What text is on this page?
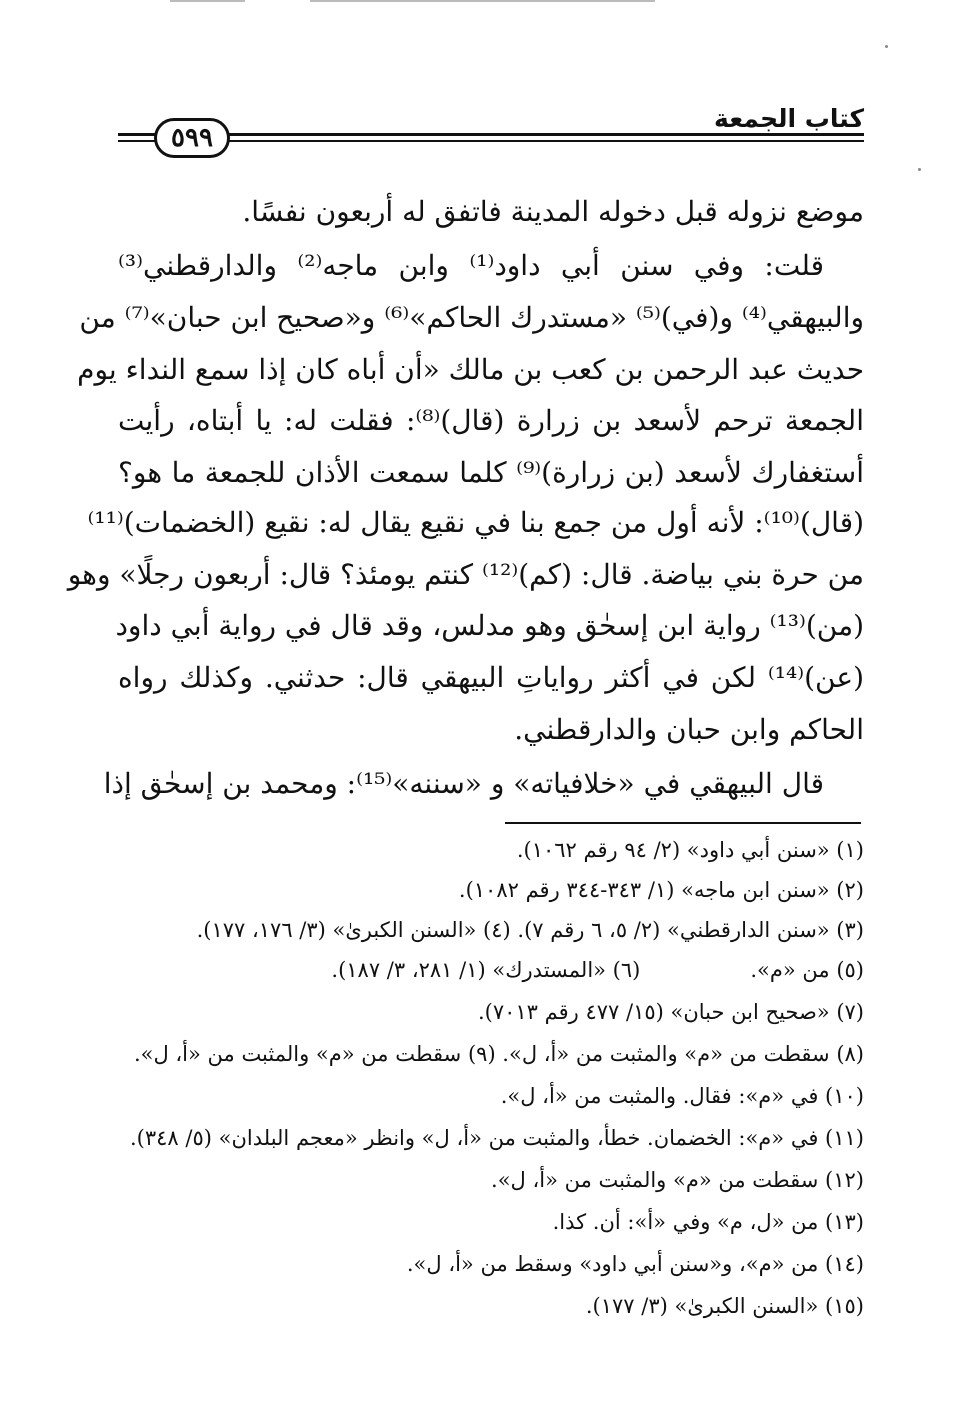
كتاب الجمعة
٥٩٩
موضع نزوله قبل دخوله المدينة فاتفق له أربعون نفسًا.
قلت: وفي سنن أبي داود⁽¹⁾ وابن ماجه⁽²⁾ والدارقطني⁽³⁾
والبيهقي⁽⁴⁾ و(في)⁽⁵⁾ «مستدرك الحاكم»⁽⁶⁾ و«صحيح ابن حبان»⁽⁷⁾ من
حديث عبد الرحمن بن كعب بن مالك «أن أباه كان إذا سمع النداء يوم
الجمعة ترحم لأسعد بن زرارة (قال)⁽⁸⁾: فقلت له: يا أبتاه، رأيت
أستغفارك لأسعد (بن زرارة)⁽⁹⁾ كلما سمعت الأذان للجمعة ما هو؟
(قال)⁽¹⁰⁾: لأنه أول من جمع بنا في نقيع يقال له: نقيع (الخضمات)⁽¹¹⁾
من حرة بني بياضة. قال: (كم)⁽¹²⁾ كنتم يومئذ؟ قال: أربعون رجلًا» وهو
(من)⁽¹³⁾ رواية ابن إسحٰق وهو مدلس، وقد قال في رواية أبي داود
(عن)⁽¹⁴⁾ لكن في أكثر رواياتِ البيهقي قال: حدثني. وكذلك رواه
الحاكم وابن حبان والدارقطني.
قال البيهقي في «خلافياته» و «سننه»⁽¹⁵⁾: ومحمد بن إسحٰق إذا
(١) «سنن أبي داود» (٢/ ٩٤ رقم ١٠٦٢).
(٢) «سنن ابن ماجه» (١/ ٣٤٣-٣٤٤ رقم ١٠٨٢).
(٣) «سنن الدارقطني» (٢/ ٥، ٦ رقم ٧). (٤) «السنن الكبرىٰ» (٣/ ١٧٦، ١٧٧).
(٥) من «م».(٦) «المستدرك» (١/ ٢٨١، ٣/ ١٨٧).
(٧) «صحيح ابن حبان» (١٥/ ٤٧٧ رقم ٧٠١٣).
(٨) سقطت من «م» والمثبت من «أ، ل». (٩) سقطت من «م» والمثبت من «أ، ل».
(١٠) في «م»: فقال. والمثبت من «أ، ل».
(١١) في «م»: الخضمان. خطأ، والمثبت من «أ، ل» وانظر «معجم البلدان» (٥/ ٣٤٨).
(١٢) سقطت من «م» والمثبت من «أ، ل».
(١٣) من «ل، م» وفي «أ»: أن. كذا.
(١٤) من «م»، و«سنن أبي داود» وسقط من «أ، ل».
(١٥) «السنن الكبرىٰ» (٣/ ١٧٧).
